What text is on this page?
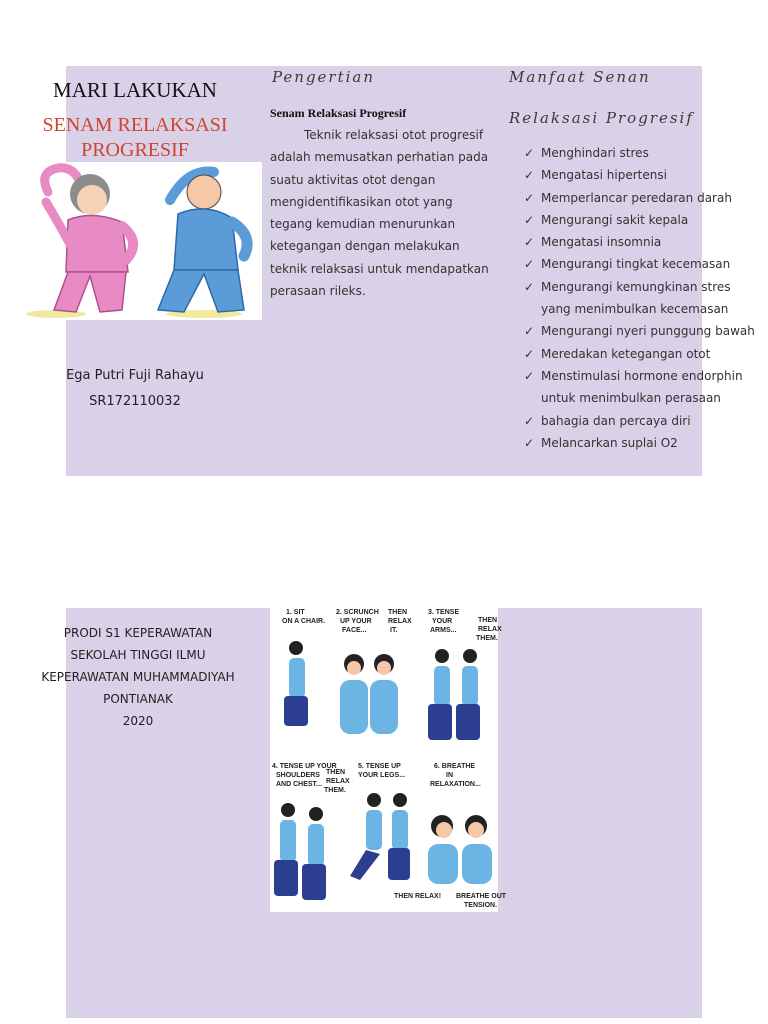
MARI LAKUKAN
SENAM RELAKSASI PROGRESIF
Ega Putri Fuji Rahayu
SR172110032
Pengertian
Senam Relaksasi Progresif

Teknik relaksasi otot progresif adalah memusatkan perhatian pada suatu aktivitas otot dengan mengidentifikasikan otot yang tegang kemudian menurunkan ketegangan dengan melakukan teknik relaksasi untuk mendapatkan perasaan rileks.

Manfaat Senan
Relaksasi Progresif
✓ Menghindari stres
✓ Mengatasi hipertensi
✓ Memperlancar peredaran darah
✓ Mengurangi sakit kepala
✓ Mengatasi insomnia
✓ Mengurangi tingkat kecemasan
✓ Mengurangi kemungkinan stres yang menimbulkan kecemasan
✓ Mengurangi nyeri punggung bawah
✓ Meredakan ketegangan otot
✓ Menstimulasi hormone endorphin untuk menimbulkan perasaan
✓ bahagia dan percaya diri
✓ Melancarkan suplai O2
PRODI S1 KEPERAWATAN
SEKOLAH TINGGI ILMU
KEPERAWATAN MUHAMMADIYAH
PONTIANAK
2020
1. SIT
ON A CHAIR.
2. SCRUNCH
UP YOUR
FACE...
THEN
RELAX
IT.
3. TENSE
YOUR
ARMS...
THEN
RELAX
THEM.
4. TENSE UP YOUR
SHOULDERS
AND CHEST...
THEN
RELAX
THEM.
5. TENSE UP
YOUR LEGS...
6. BREATHE
IN
RELAXATION...
THEN RELAX! BREATHE OUT
TENSION.
